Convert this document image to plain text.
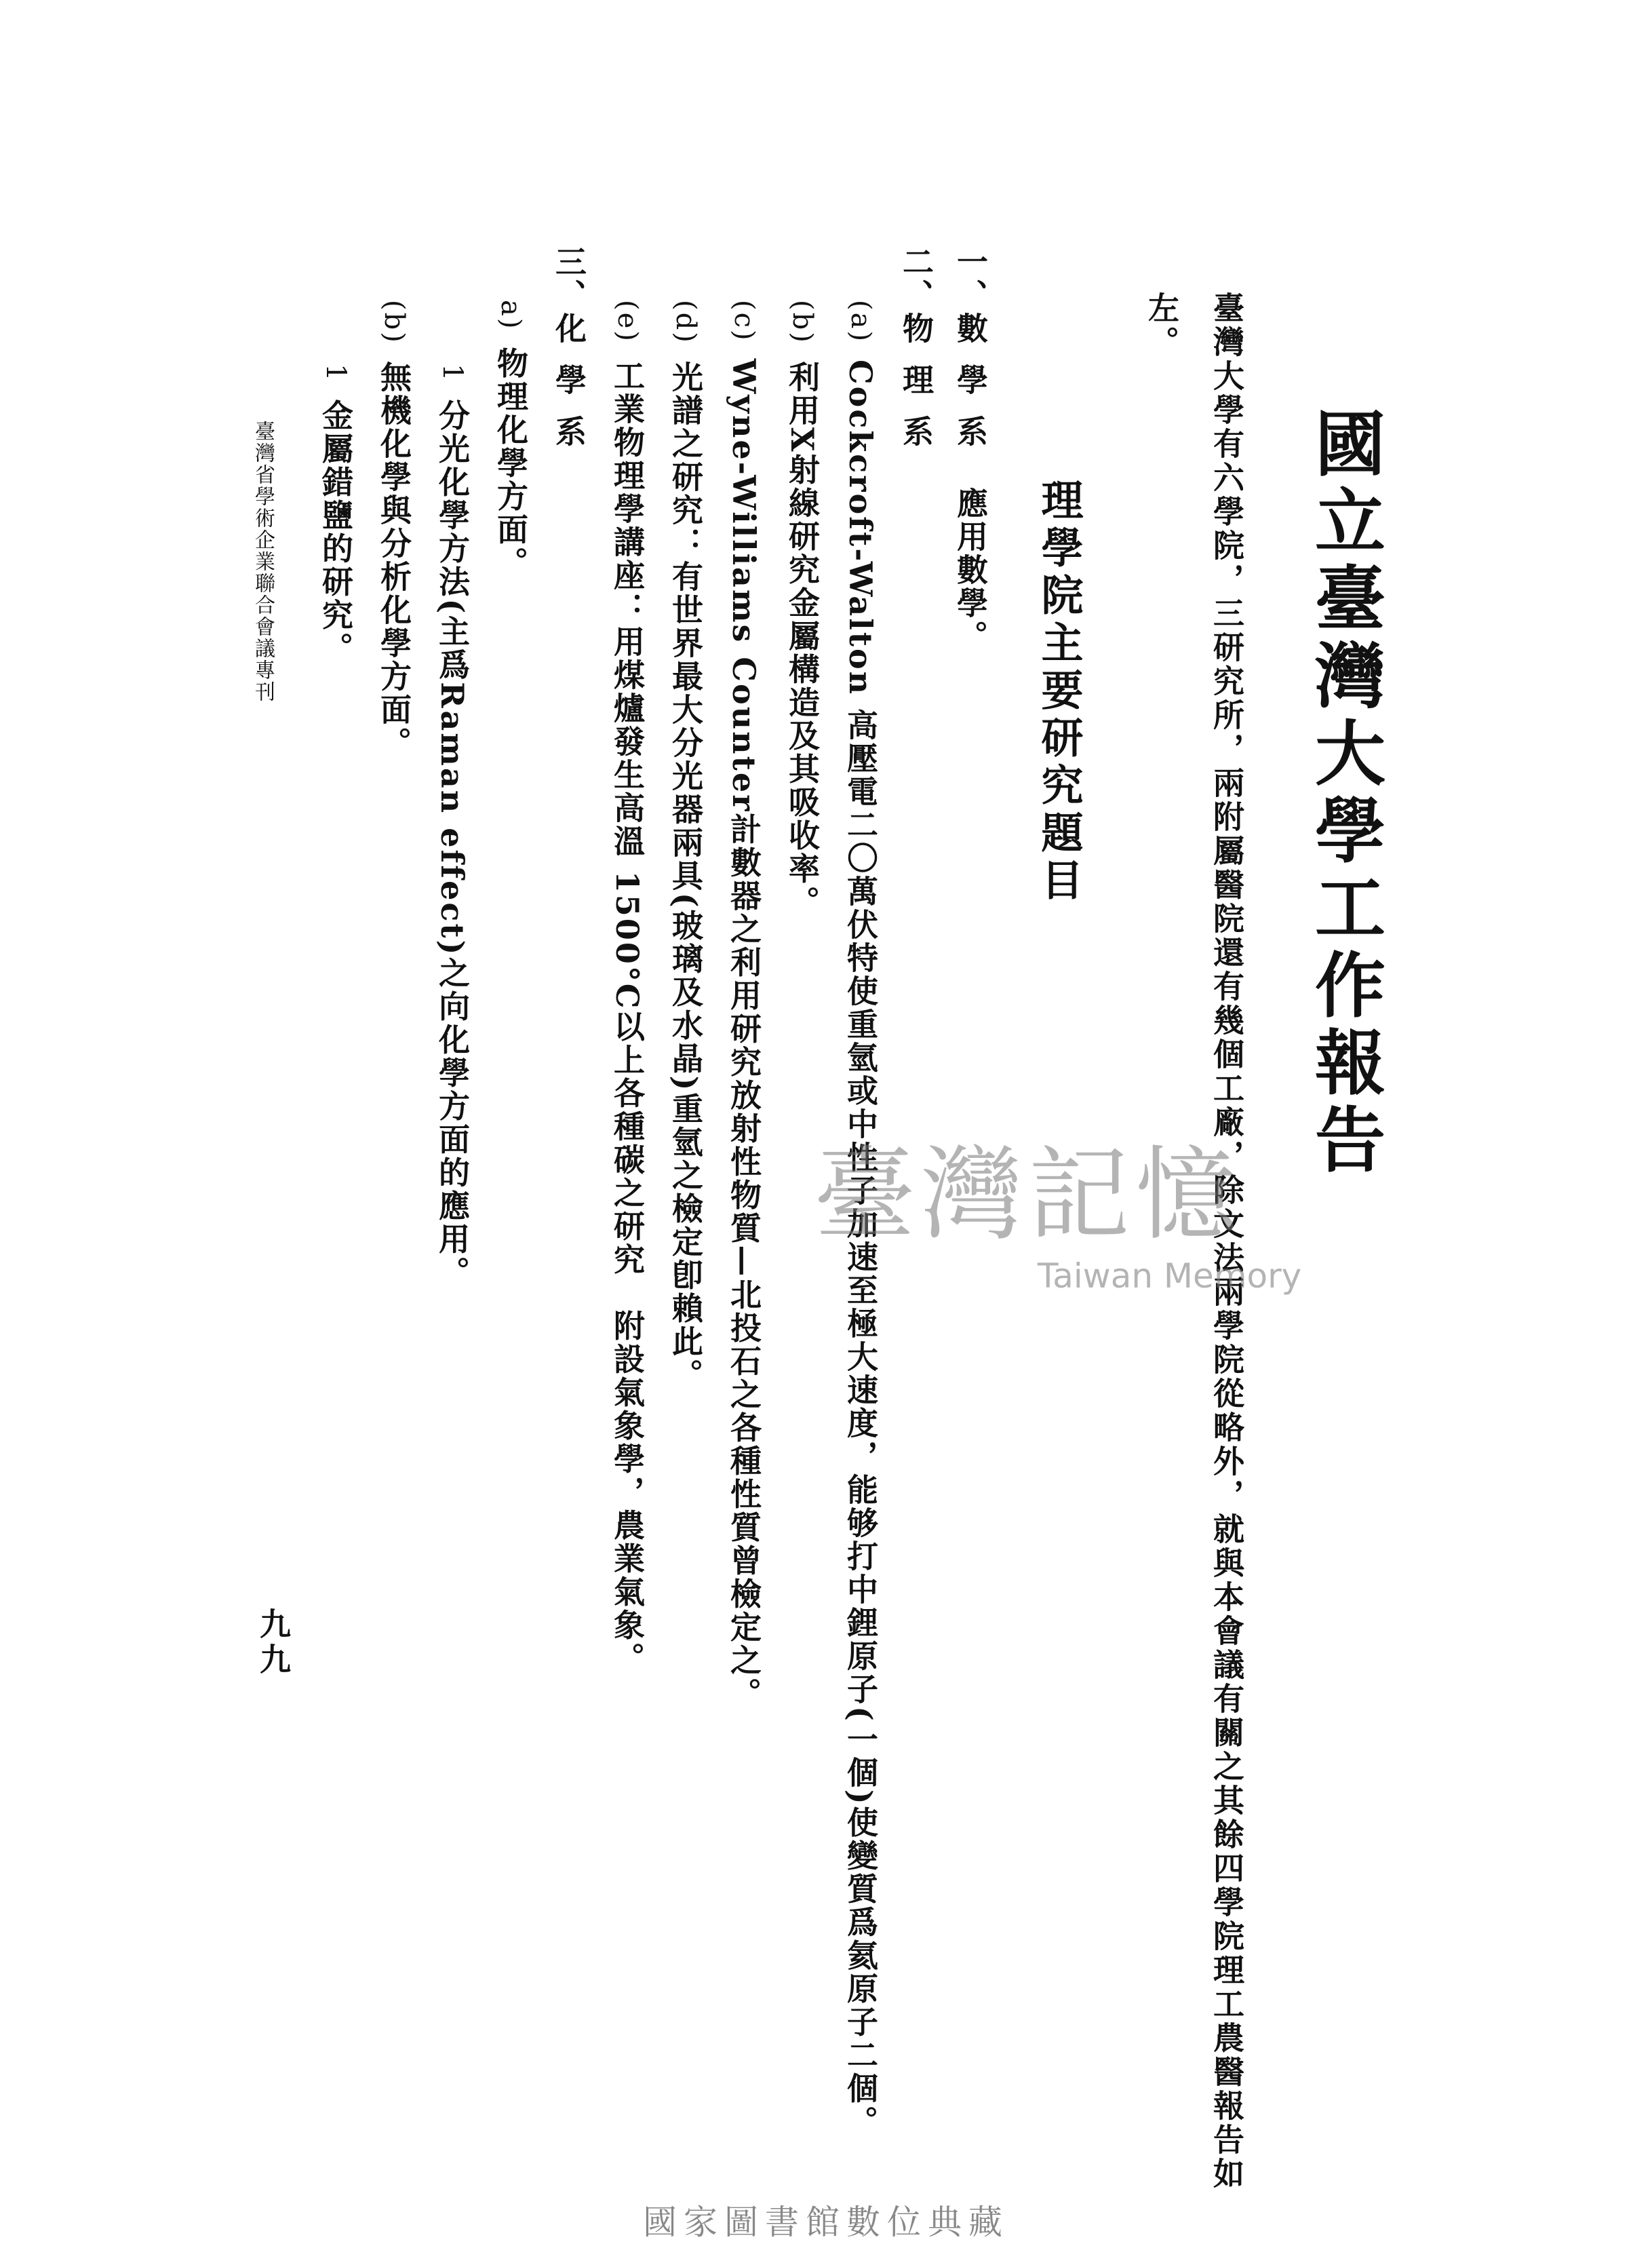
國立臺灣大學工作報告
臺灣大學有六學院，三研究所，兩附屬醫院還有幾個工廠，除文法兩學院從略外，就與本會議有關之其餘四學院理工農醫報告如
左。
理學院主要研究題目
一、數學系應用數學。
二、物理系
(a)Cockcroft-Walton 高壓電二〇萬伏特使重氫或中性子加速至極大速度，能够打中鋰原子(一個)使變質爲氦原子二個。
(b)利用X射線研究金屬構造及其吸收率。
(c)Wyne-Williams Counter計數器之利用研究放射性物質—北投石之各種性質曾檢定之。
(d)光譜之研究：有世界最大分光器兩具(玻璃及水晶)重氫之檢定卽賴此。
(e)工業物理學講座：用煤爐發生高溫 1500°C以上各種碳之研究　附設氣象學，農業氣象。
三、化學系
a)物理化學方面。
1分光化學方法(主爲Raman effect)之向化學方面的應用。
(b)無機化學與分析化學方面。
1金屬錯鹽的研究。
臺灣省學術企業聯合會議專刊
九九
臺灣記憶
Taiwan Memory
國家圖書館數位典藏
